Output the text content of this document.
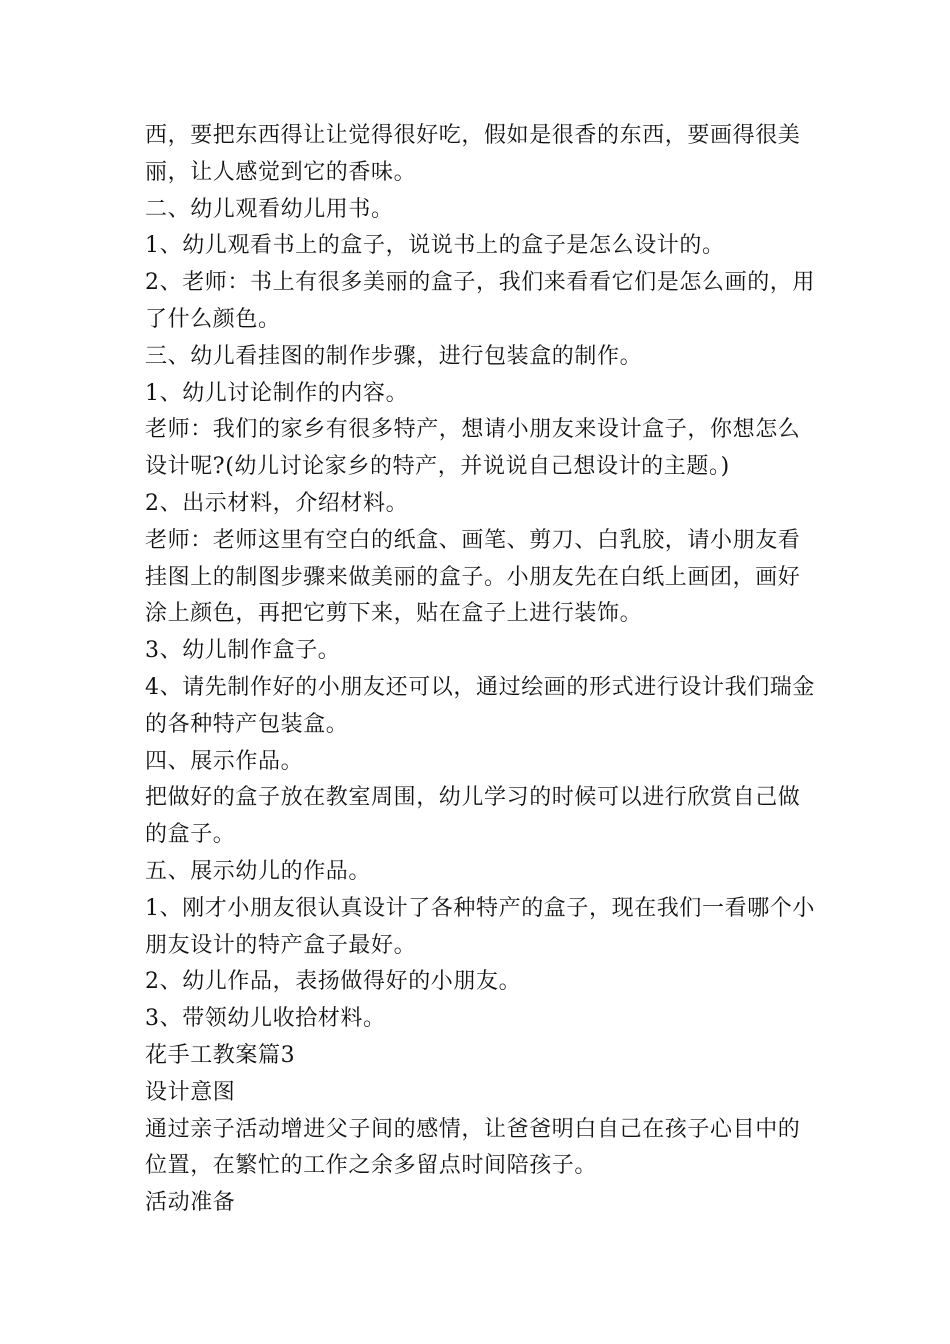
西，要把东西得让让觉得很好吃，假如是很香的东西，要画得很美

丽，让人感觉到它的香味。

二、幼儿观看幼儿用书。

1、幼儿观看书上的盒子，说说书上的盒子是怎么设计的。

2、老师：书上有很多美丽的盒子，我们来看看它们是怎么画的，用

了什么颜色。

三、幼儿看挂图的制作步骤，进行包装盒的制作。

1、幼儿讨论制作的内容。

老师：我们的家乡有很多特产，想请小朋友来设计盒子，你想怎么

设计呢?(幼儿讨论家乡的特产，并说说自己想设计的主题。)

2、出示材料，介绍材料。

老师：老师这里有空白的纸盒、画笔、剪刀、白乳胶，请小朋友看

挂图上的制图步骤来做美丽的盒子。小朋友先在白纸上画团，画好

涂上颜色，再把它剪下来，贴在盒子上进行装饰。

3、幼儿制作盒子。

4、请先制作好的小朋友还可以，通过绘画的形式进行设计我们瑞金

的各种特产包装盒。

四、展示作品。

把做好的盒子放在教室周围，幼儿学习的时候可以进行欣赏自己做

的盒子。

五、展示幼儿的作品。

1、刚才小朋友很认真设计了各种特产的盒子，现在我们一看哪个小

朋友设计的特产盒子最好。

2、幼儿作品，表扬做得好的小朋友。

3、带领幼儿收拾材料。

花手工教案篇3

设计意图

通过亲子活动增进父子间的感情，让爸爸明白自己在孩子心目中的

位置，在繁忙的工作之余多留点时间陪孩子。

活动准备
